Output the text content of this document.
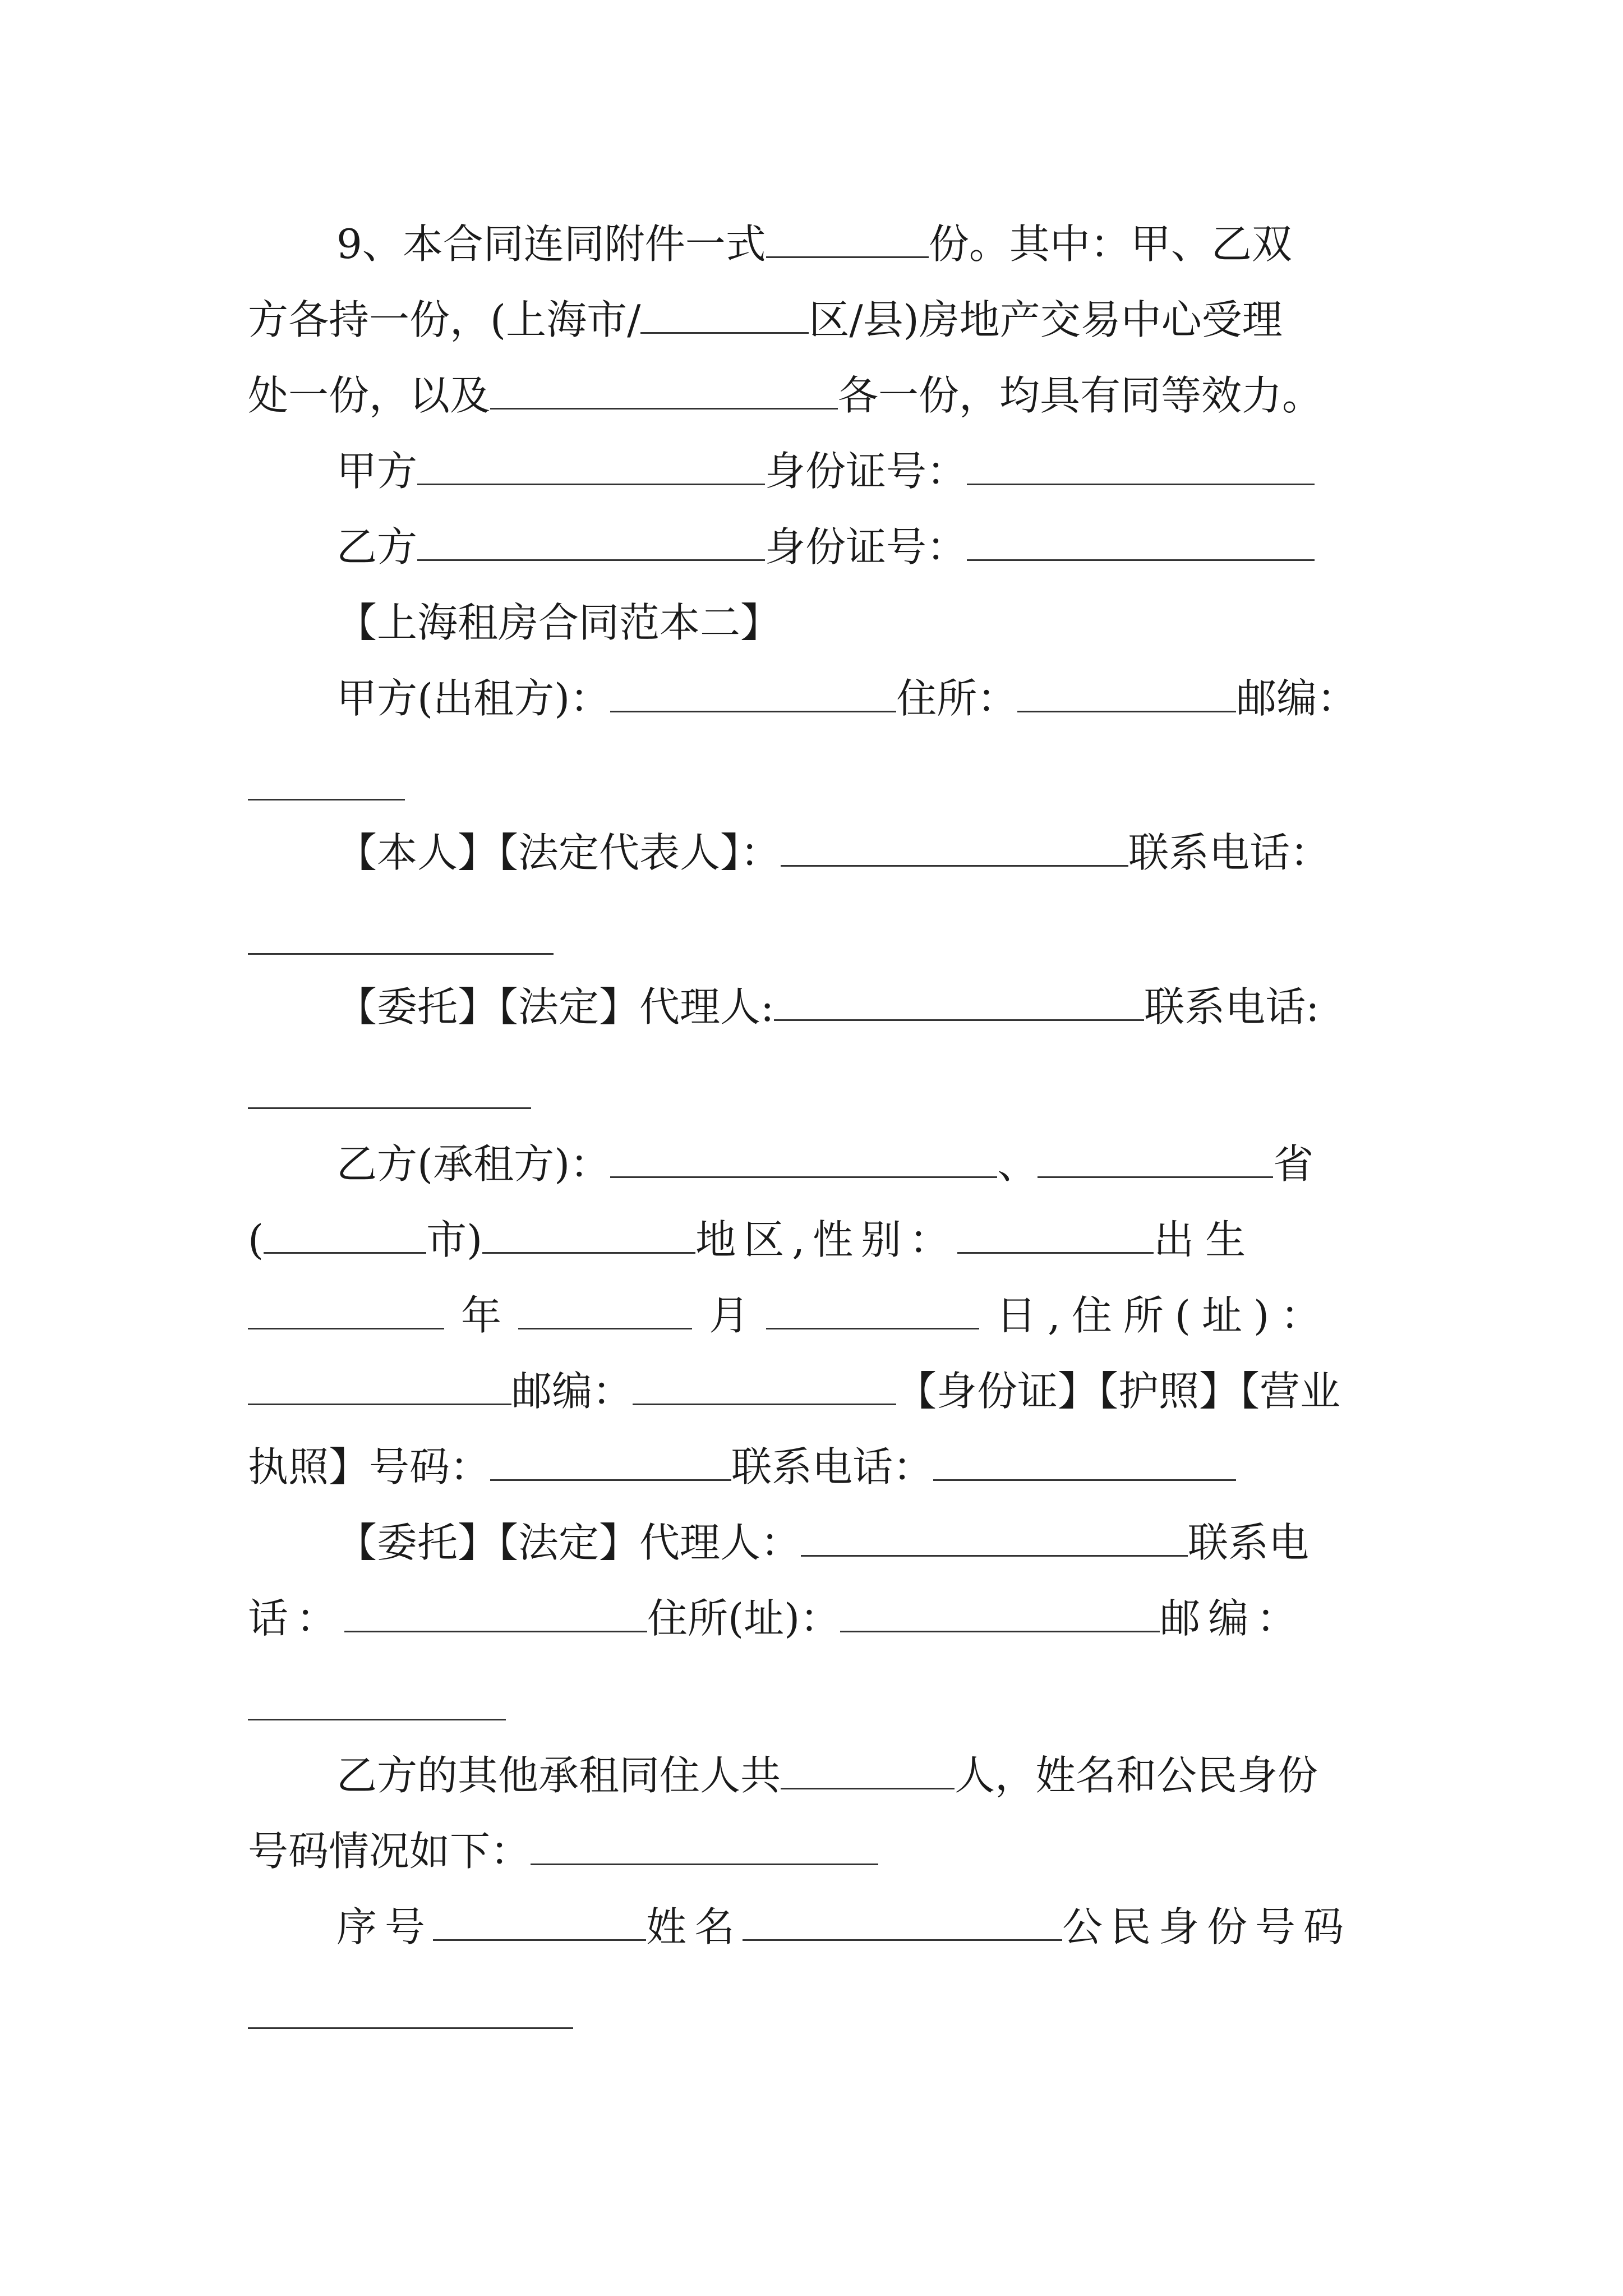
9、本合同连同附件一式	份。其中：甲、乙双
方各持一份，(上海市/	区/县)房地产交易中心受理
处一份，以及	各一份，均具有同等效力。
甲方	身份证号：
乙方	身份证号：
【上海租房合同范本二】
甲方(出租方)：	住所：	邮编：
【本人】【法定代表人】：	联系电话：
【委托】【法定】代理人:	联系电话:
乙方(承租方)：	、	省
(	市)	地区,性别：	出生
年	月	日,住所(址)：
邮编：	【身份证】【护照】【营业
执照】号码：	联系电话：
【委托】【法定】代理人：	联系电
话：	住所(址)：	邮编：
乙方的其他承租同住人共	人，姓名和公民身份
号码情况如下：
序号	姓名	公民身份号码
